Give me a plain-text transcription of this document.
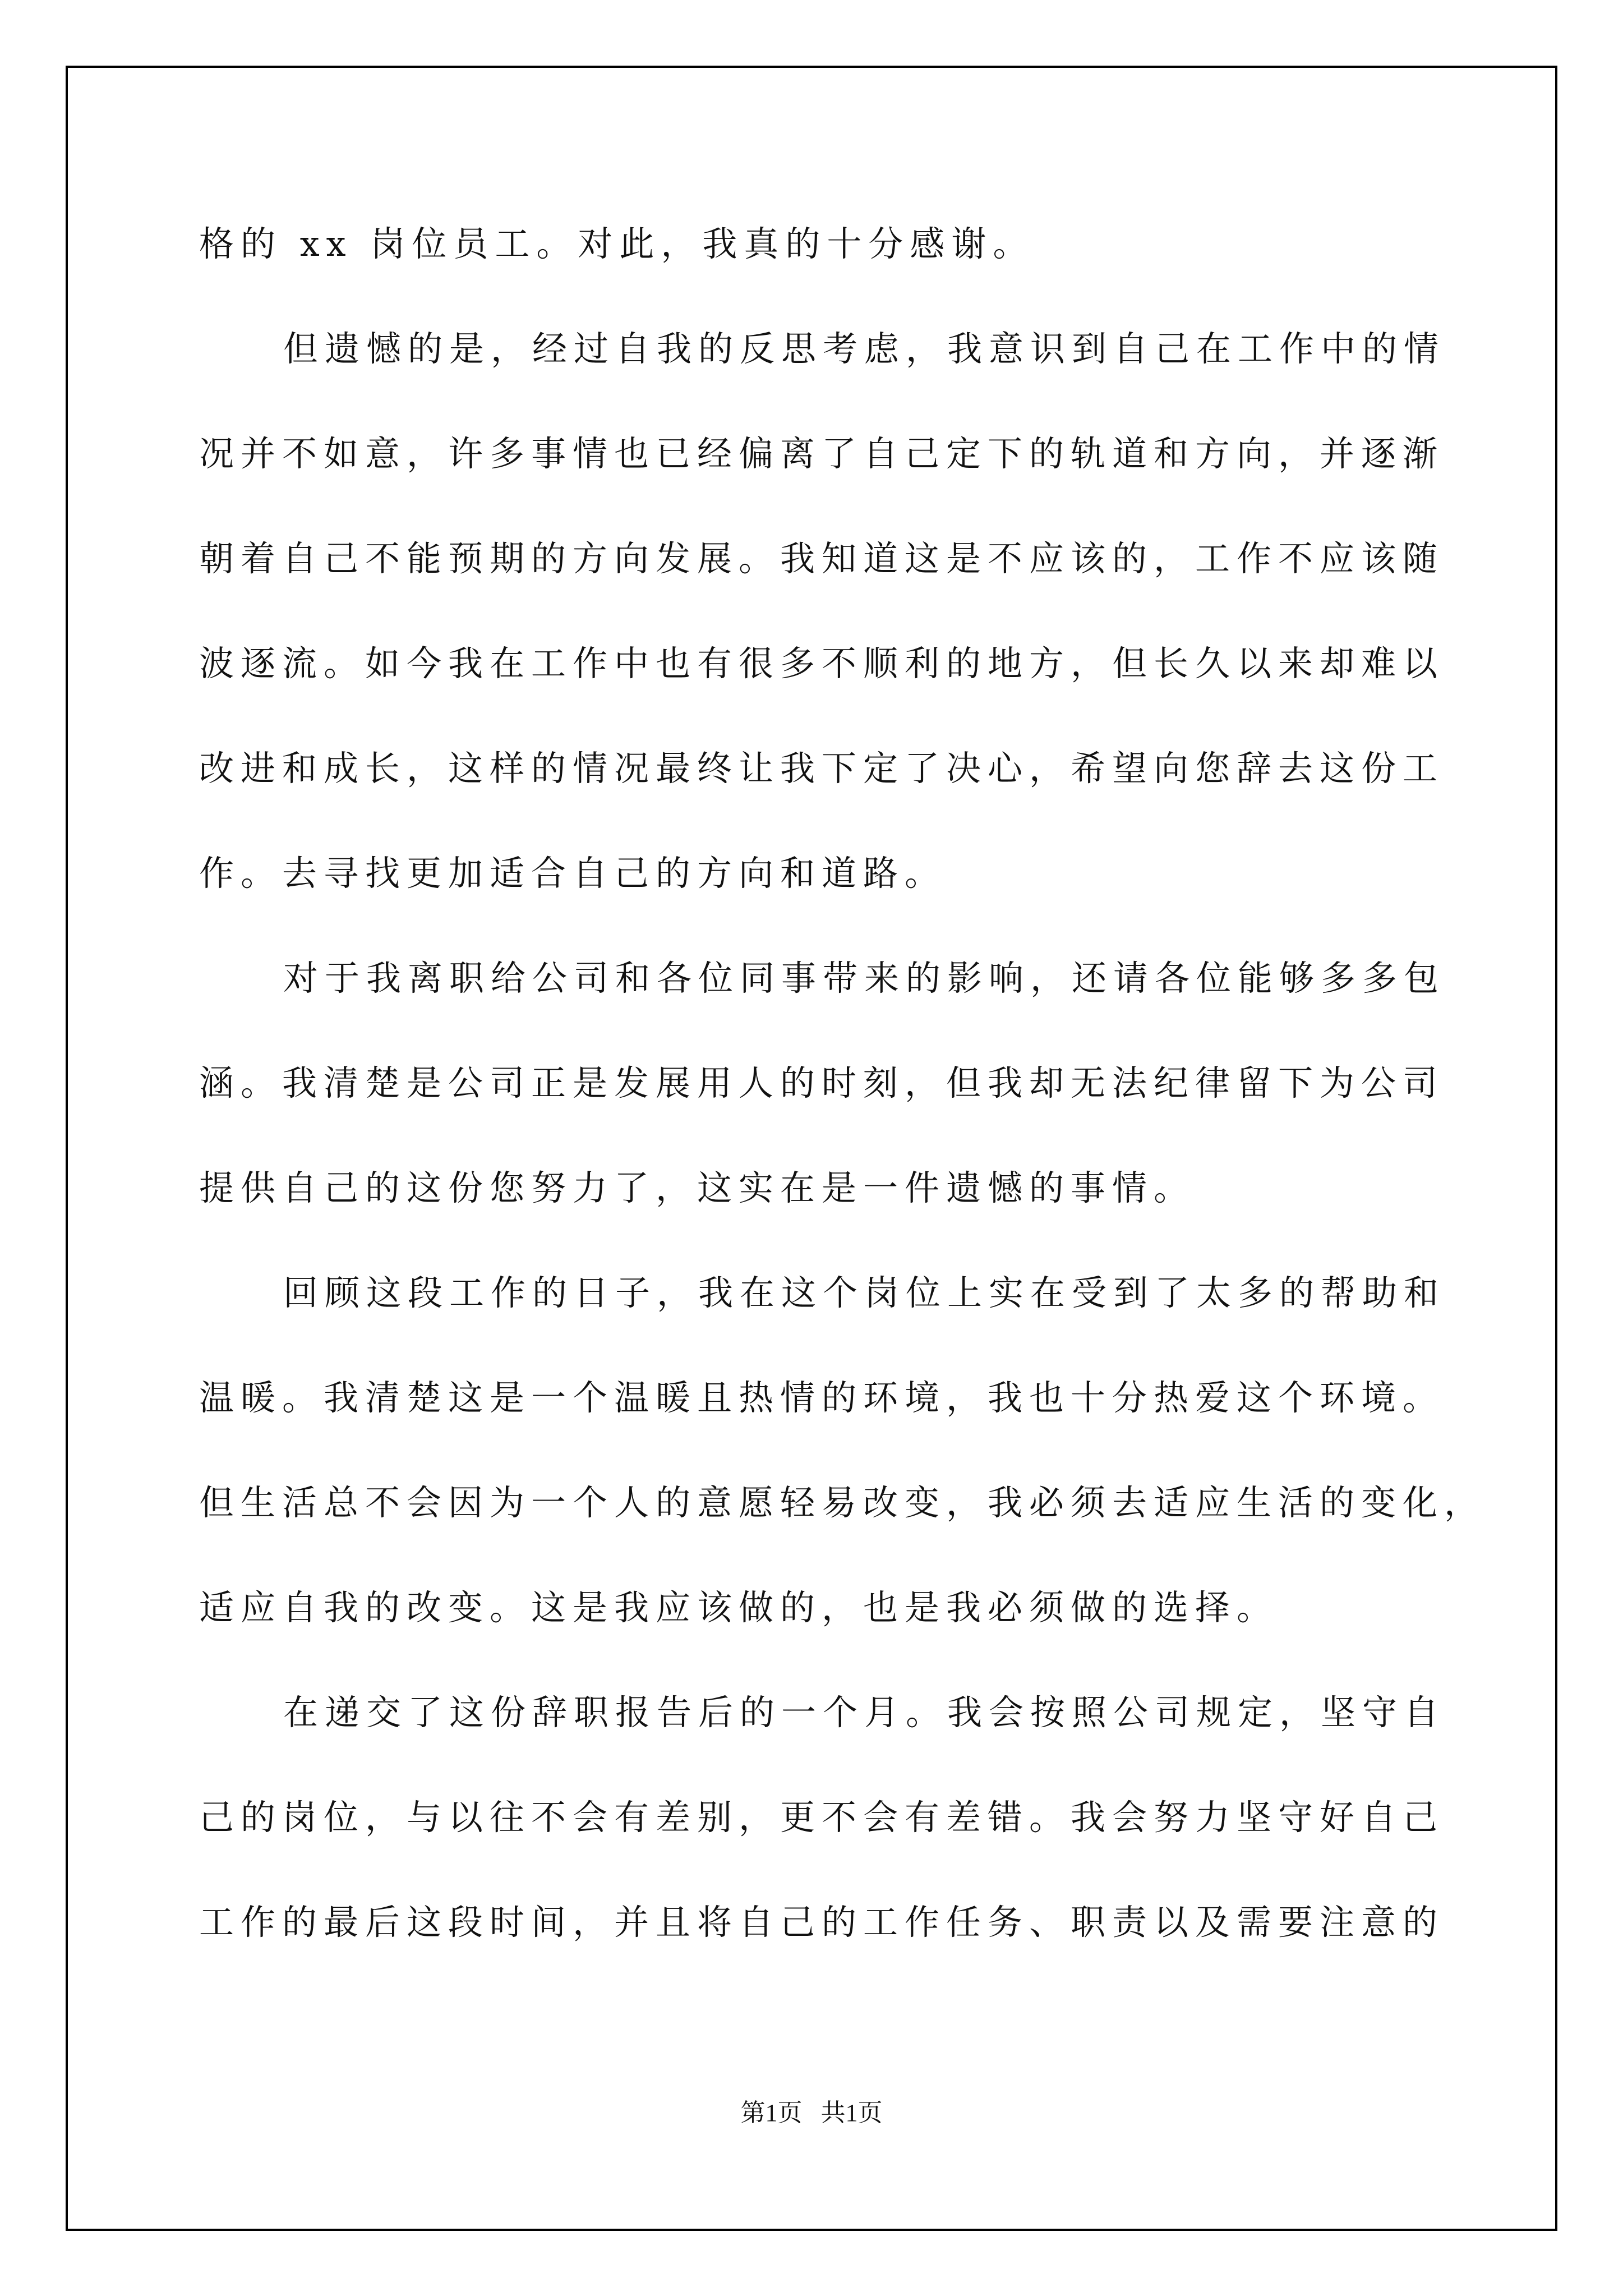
格的 xx 岗位员工。对此，我真的十分感谢。
但遗憾的是，经过自我的反思考虑，我意识到自己在工作中的情
况并不如意，许多事情也已经偏离了自己定下的轨道和方向，并逐渐
朝着自己不能预期的方向发展。我知道这是不应该的，工作不应该随
波逐流。如今我在工作中也有很多不顺利的地方，但长久以来却难以
改进和成长，这样的情况最终让我下定了决心，希望向您辞去这份工
作。去寻找更加适合自己的方向和道路。
对于我离职给公司和各位同事带来的影响，还请各位能够多多包
涵。我清楚是公司正是发展用人的时刻，但我却无法纪律留下为公司
提供自己的这份您努力了，这实在是一件遗憾的事情。
回顾这段工作的日子，我在这个岗位上实在受到了太多的帮助和
温暖。我清楚这是一个温暖且热情的环境，我也十分热爱这个环境。
但生活总不会因为一个人的意愿轻易改变，我必须去适应生活的变化，
适应自我的改变。这是我应该做的，也是我必须做的选择。
在递交了这份辞职报告后的一个月。我会按照公司规定，坚守自
己的岗位，与以往不会有差别，更不会有差错。我会努力坚守好自己
工作的最后这段时间，并且将自己的工作任务、职责以及需要注意的
第1页   共1页
